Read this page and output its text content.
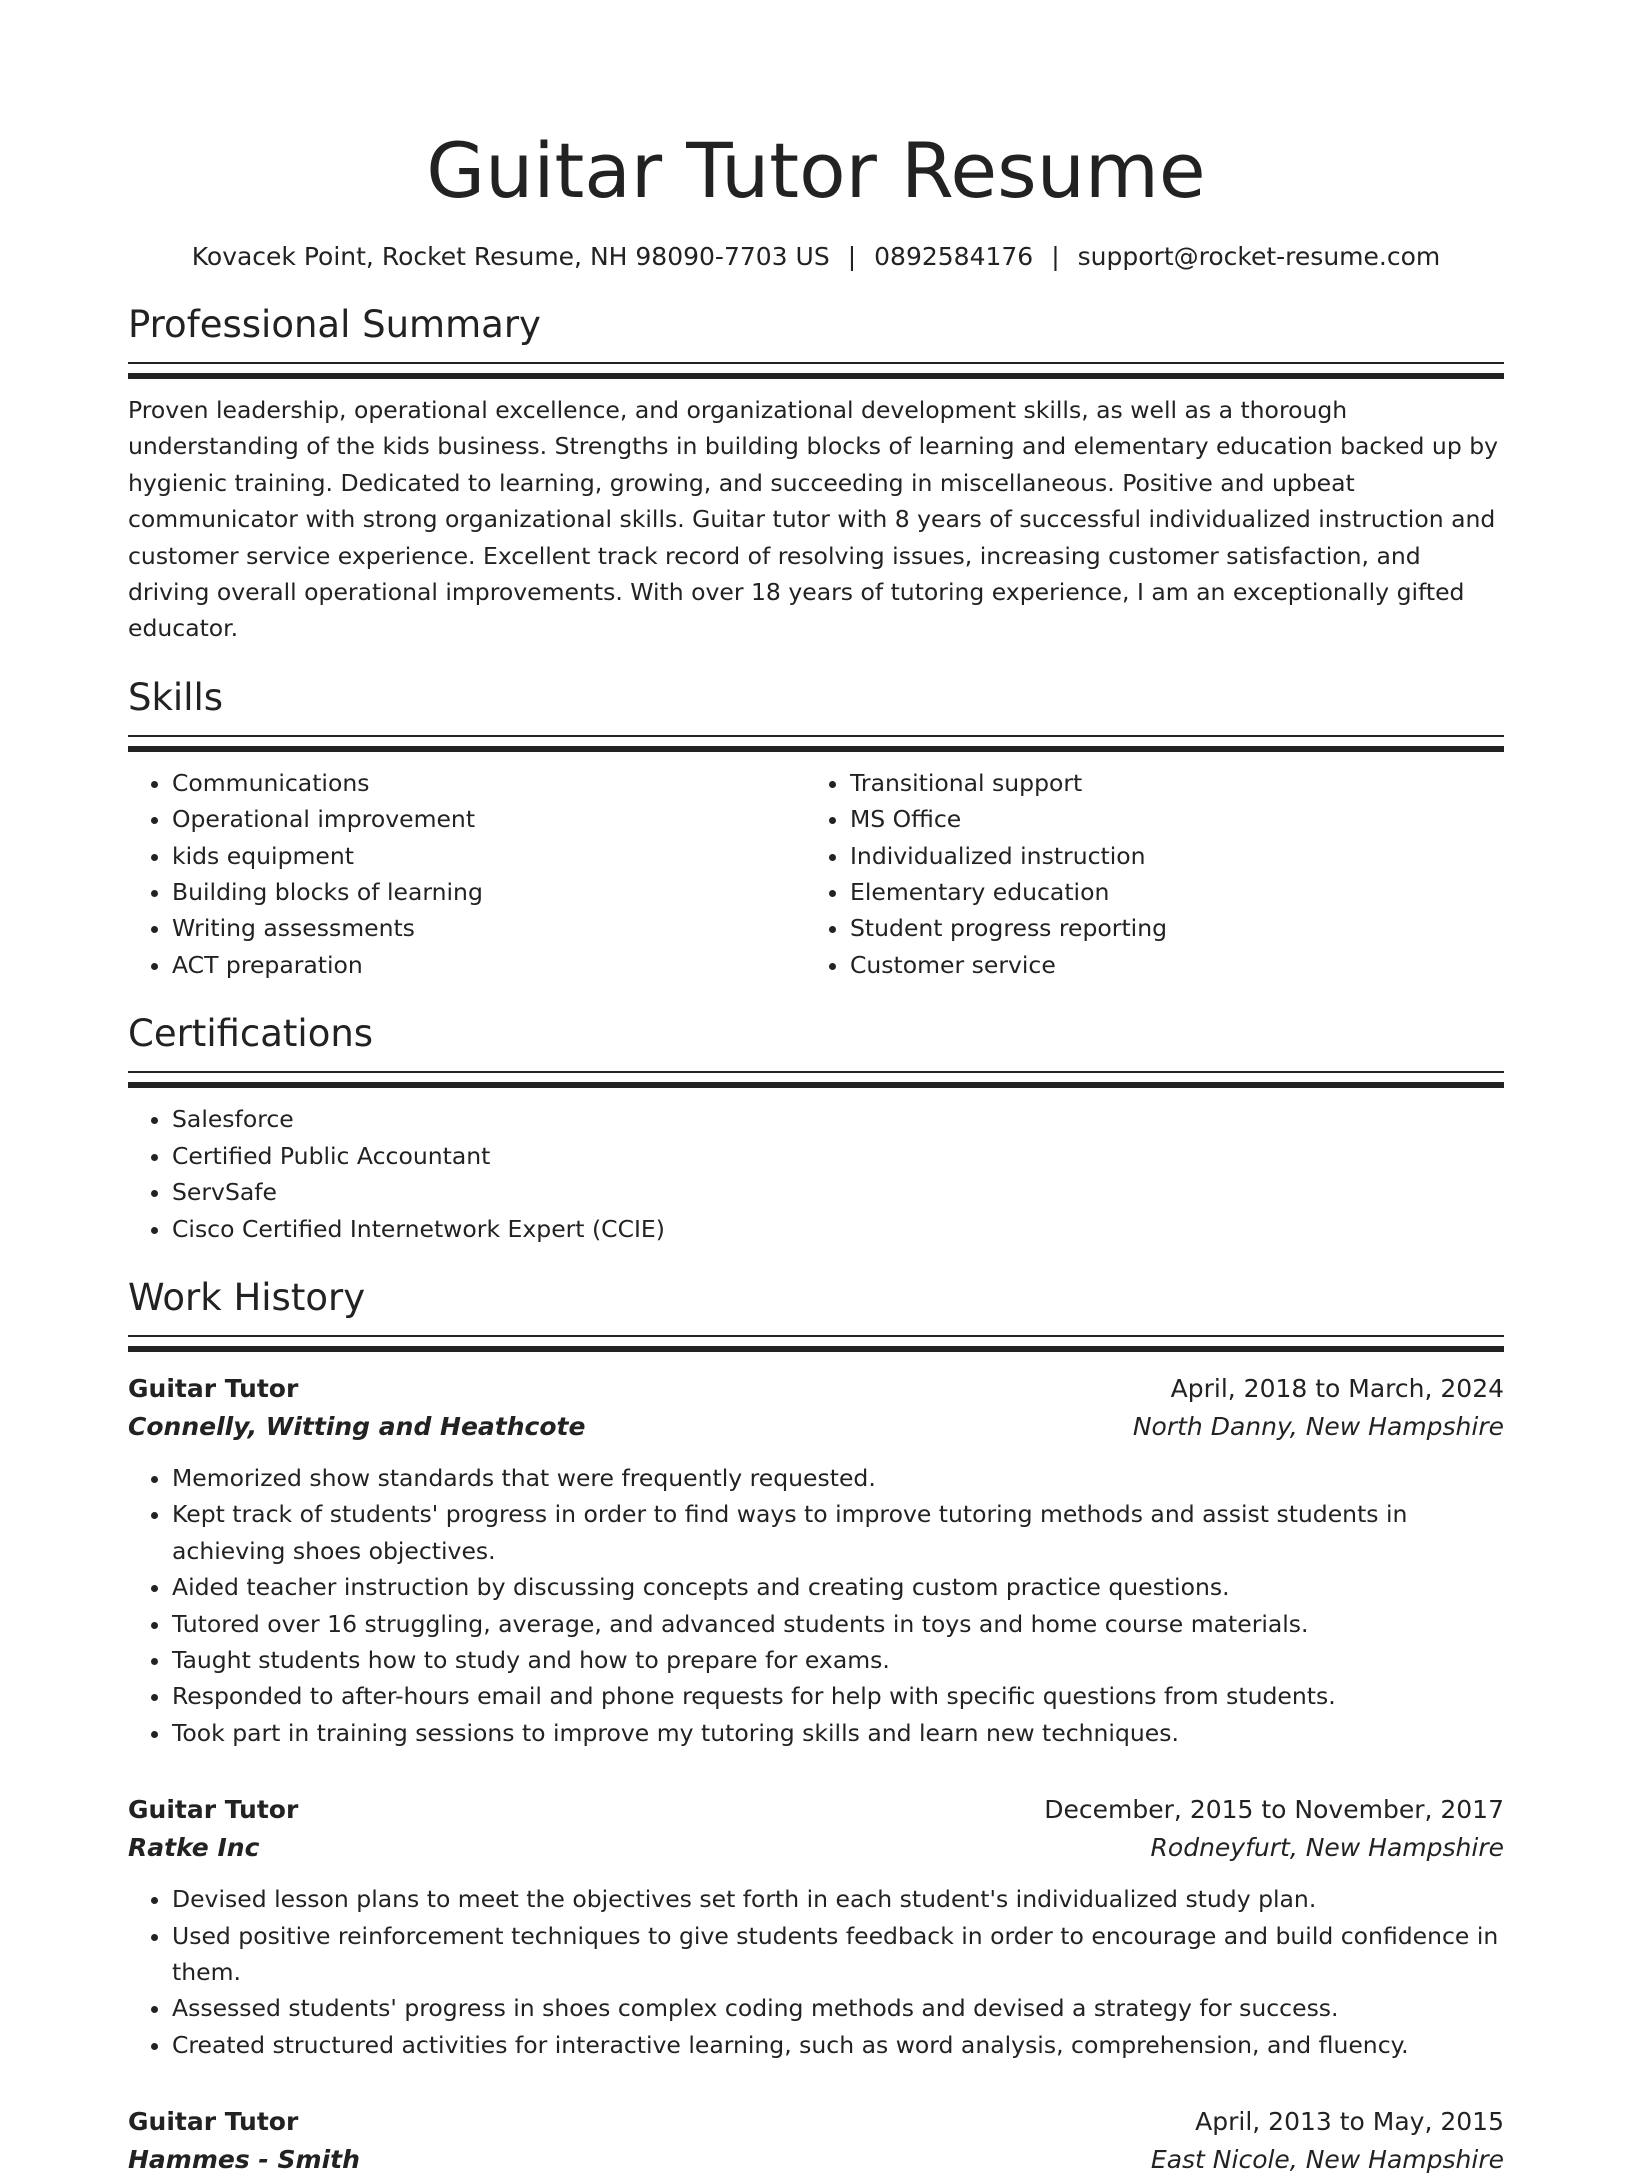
Guitar Tutor Resume
Kovacek Point, Rocket Resume, NH 98090-7703 US | 0892584176 | support@rocket-resume.com
Professional Summary

Proven leadership, operational excellence, and organizational development skills, as well as a thorough understanding of the kids business. Strengths in building blocks of learning and elementary education backed up by hygienic training. Dedicated to learning, growing, and succeeding in miscellaneous. Positive and upbeat communicator with strong organizational skills. Guitar tutor with 8 years of successful individualized instruction and customer service experience. Excellent track record of resolving issues, increasing customer satisfaction, and driving overall operational improvements. With over 18 years of tutoring experience, I am an exceptionally gifted educator.

Skills
• Communications
• Operational improvement
• kids equipment
• Building blocks of learning
• Writing assessments
• ACT preparation
• Transitional support
• MS Office
• Individualized instruction
• Elementary education
• Student progress reporting
• Customer service
Certifications
• Salesforce
• Certified Public Accountant
• ServSafe
• Cisco Certified Internetwork Expert (CCIE)
Work History
Guitar Tutor	April, 2018 to March, 2024
Connelly, Witting and Heathcote	North Danny, New Hampshire
• Memorized show standards that were frequently requested.
• Kept track of students' progress in order to find ways to improve tutoring methods and assist students in achieving shoes objectives.
• Aided teacher instruction by discussing concepts and creating custom practice questions.
• Tutored over 16 struggling, average, and advanced students in toys and home course materials.
• Taught students how to study and how to prepare for exams.
• Responded to after-hours email and phone requests for help with specific questions from students.
• Took part in training sessions to improve my tutoring skills and learn new techniques.
Guitar Tutor	December, 2015 to November, 2017
Ratke Inc	Rodneyfurt, New Hampshire
• Devised lesson plans to meet the objectives set forth in each student's individualized study plan.
• Used positive reinforcement techniques to give students feedback in order to encourage and build confidence in them.
• Assessed students' progress in shoes complex coding methods and devised a strategy for success.
• Created structured activities for interactive learning, such as word analysis, comprehension, and fluency.
Guitar Tutor	April, 2013 to May, 2015
Hammes - Smith	East Nicole, New Hampshire
